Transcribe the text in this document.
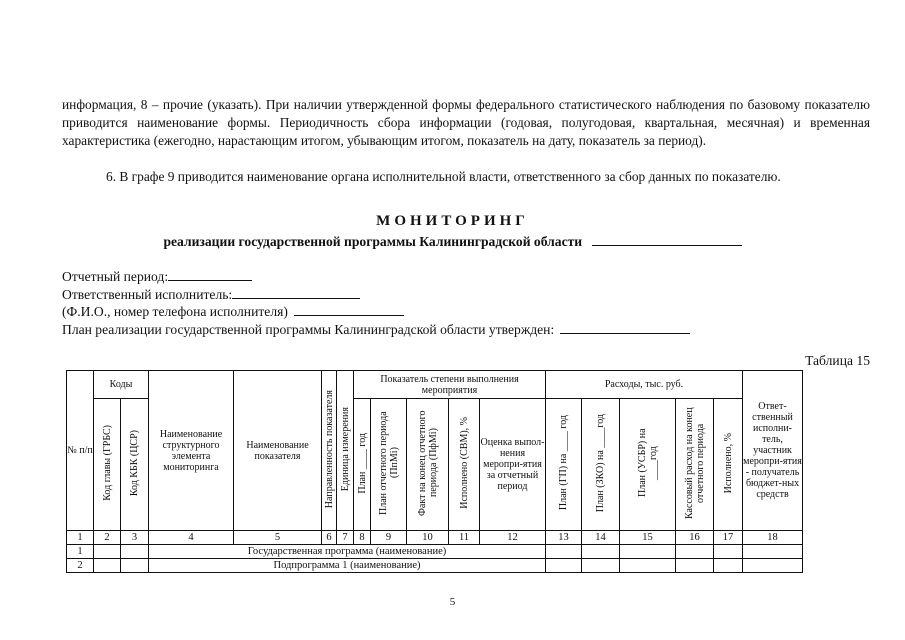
информация, 8 – прочие (указать). При наличии утвержденной формы федерального статистического наблюдения по базовому показателю приводится наименование формы. Периодичность сбора информации (годовая, полугодовая, квартальная, месячная) и временная характеристика (ежегодно, нарастающим итогом, убывающим итогом, показатель на дату, показатель за период).

6. В графе 9 приводится наименование органа исполнительной власти, ответственного за сбор данных по показателю.

МОНИТОРИНГ
реализации государственной программы Калининградской области
Отчетный период:
Ответственный исполнитель:
(Ф.И.О., номер телефона исполнителя)
План реализации государственной программы Калининградской области утвержден:
Таблица 15
№ п/п	Коды		Наименование структурного элемента мониторинга	Наименование показателя	Направленность показателя	Единица измерения	Показатель степени выполнения мероприятия					Расходы, тыс. руб.					Ответ-ственный исполни-тель, участник меропри-ятия - получатель бюджет-ных средств
	Код главы (ГРБС)	Код КБК (ЦСР)					План ____ год	План отчетного периода (ПпМi)	Факт на конец отчетного периода (ПфМi)	Исполнено (СВМ), %	Оценка выпол-нения меропри-ятия за отчетный период	План (ГП) на ____ год	План (ЗКО) на ____год	План (УСБР) на ____год	Кассовый расход на конец отчетного периода	Исполнено, %	
1	2	3	4	5	6	7	8	9	10	11	12	13	14	15	16	17	18
1			Государственная программа (наименование)														
2			Подпрограмма 1 (наименование)														
5
